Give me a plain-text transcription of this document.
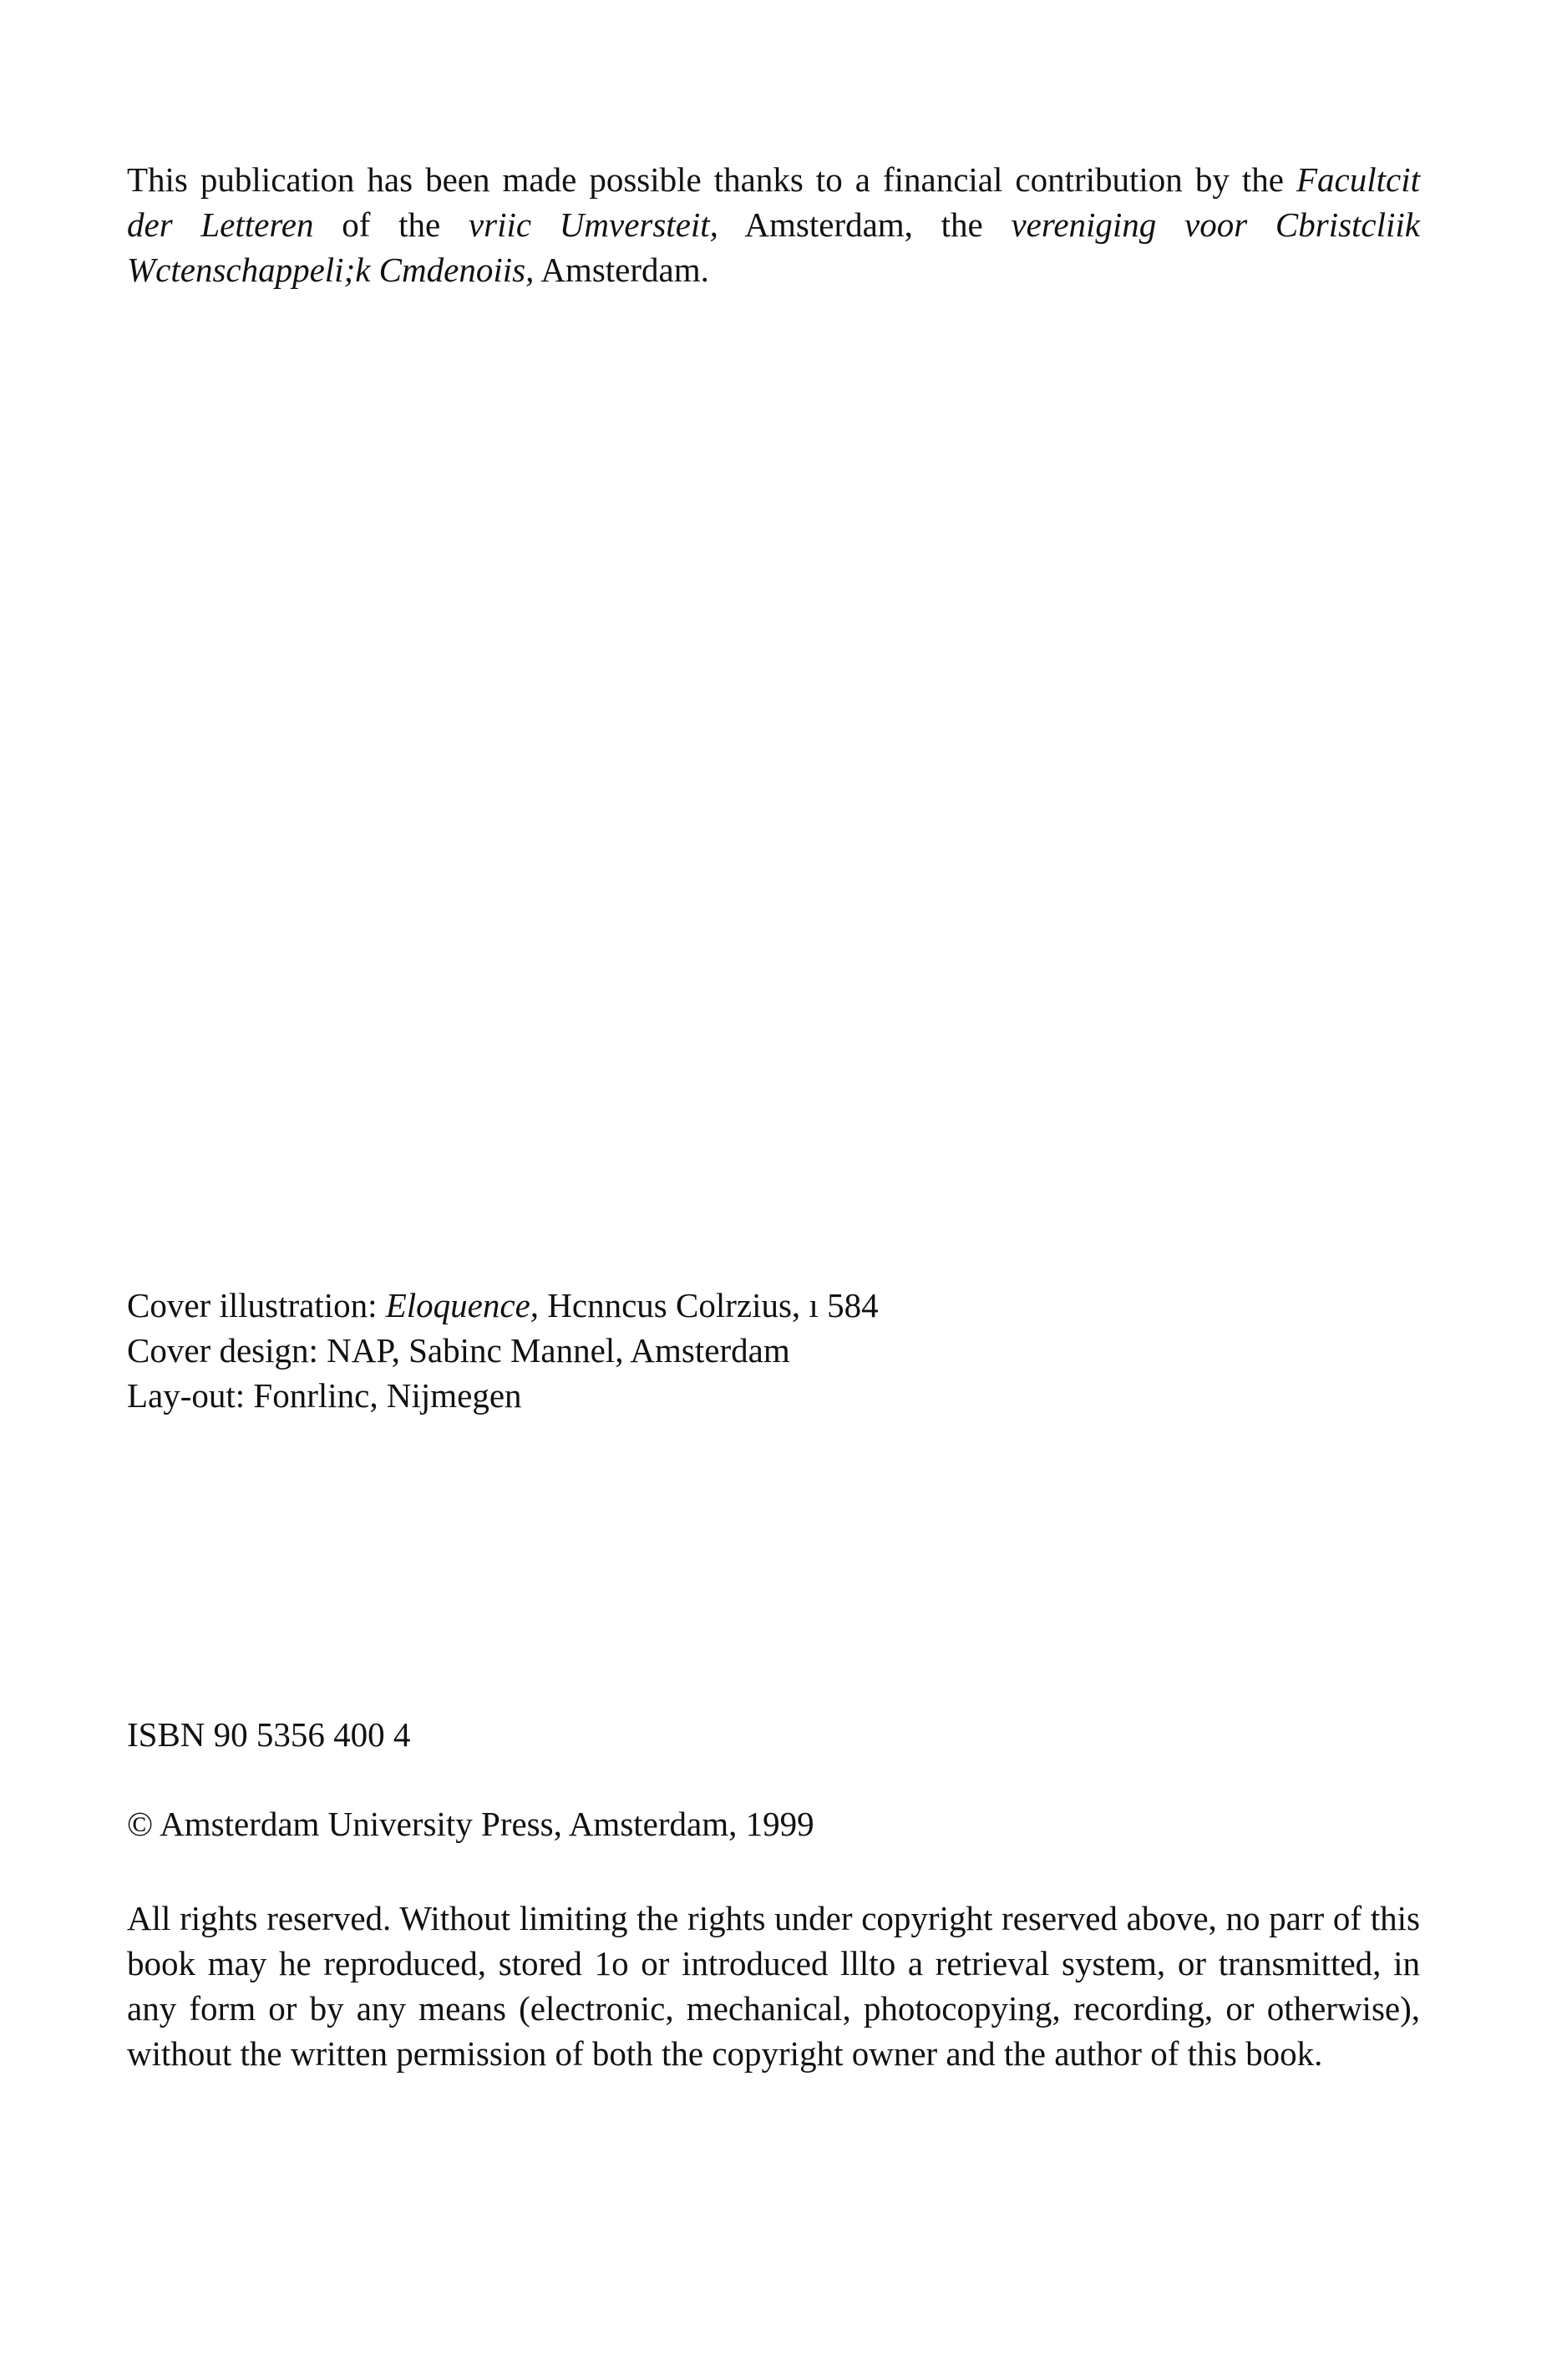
This publication has been made possible thanks to a financial contribution by the Facultcit der Letteren of the vriic Umversteit, Amsterdam, the vereniging voor Cbristcliik Wctenschappeli;k Cmdenoiis, Amsterdam.

Cover illustration: Eloquence, Hcnncus Colrzius, ı 584
Cover design: NAP, Sabinc Mannel, Amsterdam
Lay-out: Fonrlinc, Nijmegen
ISBN 90 5356 400 4
© Amsterdam University Press, Amsterdam, 1999

All rights reserved. Without limiting the rights under copyright reserved above, no parr of this book may he reproduced, stored 1o or introduced lllto a retrieval system, or transmitted, in any form or by any means (electronic, mechanical, photocopying, recording, or otherwise), without the written permission of both the copyright owner and the author of this book.
